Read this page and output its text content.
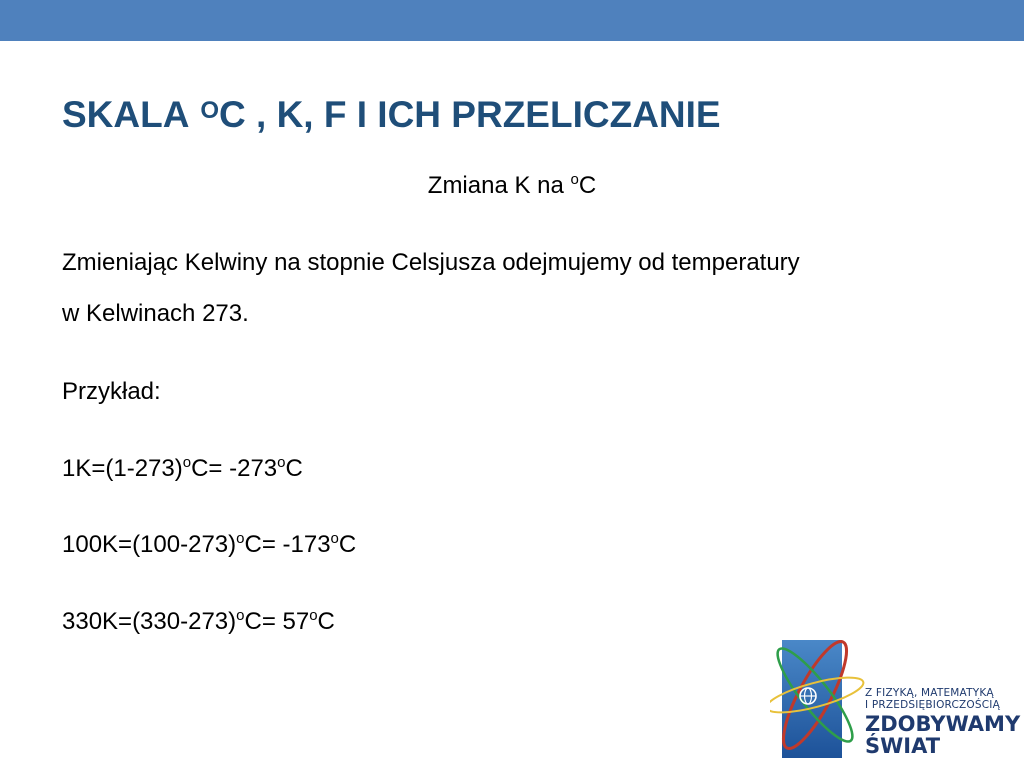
SKALA $^O$C , K, F I ICH PRZELICZANIE
Zmiana K na $^o$C
Zmieniając Kelwiny na stopnie Celsjusza odejmujemy od temperatury
w Kelwinach 273.
Przykład:
$1K=(1-273)^oC= -273^oC$
$100K=(100-273)^oC= -173^oC$
$330K=(330-273)^oC= 57^oC$
Z FIZYKĄ, MATEMATYKĄ
I PRZEDSIĘBIORCZOŚCIĄ
ZDOBYWAMY
ŚWIAT
